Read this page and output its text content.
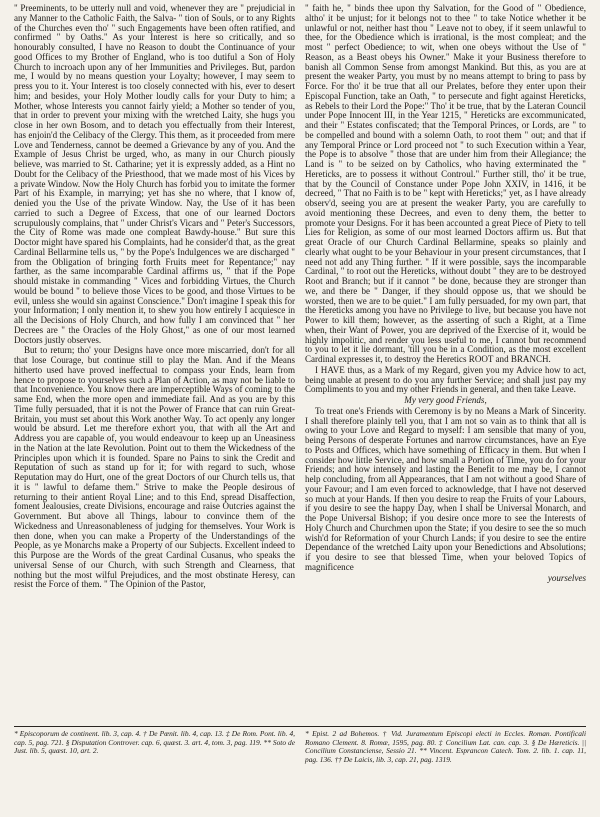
" Preeminents, to be utterly null and void, whenever they are " prejudicial in any Manner to the Catholic Faith, the Salva- " tion of Souls, or to any Rights of the Churches even tho' " such Engagements have been often ratified, and confirmed " by Oaths." As your Interest is here so critically, and so honourably consulted, I have no Reason to doubt the Continuance of your good Offices to my Brother of England, who is too dutiful a Son of Holy Church to incroach upon any of her Immunities and Privileges. But, pardon me, I would by no means question your Loyalty; however, I may seem to press you to it. Your Interest is too closely connected with his, ever to desert him; and besides, your Holy Mother loudly calls for your Duty to him; a Mother, whose Interests you cannot fairly yield; a Mother so tender of you, that in order to prevent your mixing with the wretched Laity, she hugs you close in her own Bosom, and to detach you effectually from their Interest, has enjoin'd the Celibacy of the Clergy. This them, as it proceeded from mere Love and Tenderness, cannot be deemed a Grievance by any of you. And the Example of Jesus Christ be urged, who, as many in our Church piously believe, was married to St. Catharine; yet it is expressly added, as a Hint no Doubt for the Celibacy of the Priesthood, that we made most of his Vices by a private Window. Now the Holy Church has forbid you to imitate the former Part of his Example, in marrying; yet has she no where, that I know of, denied you the Use of the private Window. Nay, the Use of it has been carried to such a Degree of Excess, that one of our learned Doctors scrupulously complains, that " under Christ's Vicars and " Peter's Successors, the City of Rome was made one compleat Bawdy-house." But sure this Doctor might have spared his Complaints, had he consider'd that, as the great Cardinal Bellarmine tells us, " by the Pope's Indulgences we are discharged " from the Obligation of bringing forth Fruits meet for Repentance;" nay farther, as the same incomparable Cardinal affirms us, " that if the Pope should mistake in commanding " Vices and forbidding Virtues, the Church would be bound " to believe those Vices to be good, and those Virtues to be evil, unless she would sin against Conscience." Don't imagine I speak this for your Information; I only mention it, to shew you how entirely I acquiesce in all the Decisions of Holy Church, and how fully I am convinced that " her Decrees are " the Oracles of the Holy Ghost," as one of our most learned Doctors justly observes.

But to return; tho' your Designs have once more miscarried, don't for all that lose Courage, but continue still to play the Man. And if the Means hitherto used have proved ineffectual to compass your Ends, learn from hence to propose to yourselves such a Plan of Action, as may not be liable to that Inconvenience. You know there are imperceptible Ways of coming to the same End, when the more open and immediate fail. And as you are by this Time fully persuaded, that it is not the Power of France that can ruin Great-Britain, you must set about this Work another Way. To act openly any longer would be absurd. Let me therefore exhort you, that with all the Art and Address you are capable of, you would endeavour to keep up an Uneasiness in the Nation at the late Revolution. Point out to them the Wickedness of the Principles upon which it is founded. Spare no Pains to sink the Credit and Reputation of such as stand up for it; for with regard to such, whose Reputation may do Hurt, one of the great Doctors of our Church tells us, that it is " lawful to defame them." Strive to make the People desirous of returning to their antient Royal Line; and to this End, spread Disaffection, foment Jealousies, create Divisions, encourage and raise Outcries against the Government. But above all Things, labour to convince them of the Wickedness and Unreasonableness of judging for themselves. Your Work is then done, when you can make a Property of the Understandings of the People, as ye Monarchs make a Property of our Subjects. Excellent indeed to this Purpose are the Words of the great Cardinal Cusanus, who speaks the universal Sense of our Church, with such Strength and Clearness, that nothing but the most wilful Prejudices, and the most obstinate Heresy, can resist the Force of them. " The Opinion of the Pastor,

" faith he, " binds thee upon thy Salvation, for the Good of " Obedience, altho' it be unjust; for it belongs not to thee " to take Notice whether it be unlawful or not, neither hast thou " Leave not to obey, if it seem unlawful to thee, for the Obedience which is irrational, is the most compleat; and the most " perfect Obedience; to wit, when one obeys without the Use of " Reason, as a Beast obeys his Owner." Make it your Business therefore to banish all Common Sense from amongst Mankind. But this, as you are at present the weaker Party, you must by no means attempt to bring to pass by Force. For tho' it be true that all our Prelates, before they enter upon their Episcopal Function, take an Oath, " to persecute and fight against Hereticks, as Rebels to their Lord the Pope:" Tho' it be true, that by the Lateran Council under Pope Innocent III, in the Year 1215, " Hereticks are excommunicated, and their " Estates confiscated; that the Temporal Princes, or Lords, are " to be compelled and bound with a solemn Oath, to root them " out; and that if any Temporal Prince or Lord proceed not " to such Execution within a Year, the Pope is to absolve " those that are under him from their Allegiance; the Land is " to be seized on by Catholics, who having exterminated the " Hereticks, are to possess it without Controul." Further still, tho' it be true, that by the Council of Constance under Pope John XXIV, in 1416, it be decreed, " That no Faith is to be " kept with Hereticks;" yet, as I have already observ'd, seeing you are at present the weaker Party, you are carefully to avoid mentioning these Decrees, and even to deny them, the better to promote your Designs. For it has been accounted a great Piece of Piety to tell Lies for Religion, as some of our most learned Doctors affirm us. But that great Oracle of our Church Cardinal Bellarmine, speaks so plainly and clearly what ought to be your Behaviour in your present circumstances, that I need not add any Thing further. " If it were possible, says the incomparable Cardinal, " to root out the Hereticks, without doubt " they are to be destroyed Root and Branch; but if it cannot " be done, because they are stronger than we, and there be " Danger, if they should oppose us, that we should be worsted, then we are to be quiet." I am fully persuaded, for my own part, that the Hereticks among you have no Privilege to live, but because you have not Power to kill them; however, as the asserting of such a Right, at a Time when, their Want of Power, you are deprived of the Exercise of it, would be highly impolitic, and render you less useful to me, I cannot but recommend to you to let it lie dormant, 'till you be in a Condition, as the most excellent Cardinal expresses it, to destroy the Heretics ROOT and BRANCH.

I HAVE thus, as a Mark of my Regard, given you my Advice how to act, being unable at present to do you any further Service; and shall just pay my Compliments to you and my other Friends in general, and then take Leave.

My very good Friends,

To treat one's Friends with Ceremony is by no Means a Mark of Sincerity. I shall therefore plainly tell you, that I am not so vain as to think that all is owing to your Love and Regard to myself: I am sensible that many of you, being Persons of desperate Fortunes and narrow circumstances, have an Eye to Posts and Offices, which have something of Efficacy in them. But when I consider how little Service, and how small a Portion of Time, you do for your Friends; and how intensely and lasting the Benefit to me may be, I cannot help concluding, from all Appearances, that I am not without a good Share of your Favour; and I am even forced to acknowledge, that I have not deserved so much at your Hands. If then you desire to reap the Fruits of your Labours, if you desire to see the happy Day, when I shall be Universal Monarch, and the Pope Universal Bishop; if you desire once more to see the Interests of Holy Church and Churchmen upon the State; if you desire to see the so much wish'd for Reformation of your Church Lands; if you desire to see the entire Dependance of the wretched Laity upon your Benedictions and Absolutions; if you desire to see that blessed Time, when your beloved Topics of magnificence

yourselves

* Episcoporum de continent. lib. 3, cap. 4. † De Pœnit. lib. 4, cap. 13. ‡ De Rom. Pont. lib. 4, cap. 5, pag. 721. § Disputation Controver. cap. 6, quæst. 3. art. 4, tom. 3, pag. 119. ** Soto de Just. lib. 5, quæst. 10, art. 2.

* Epist. 2 ad Bohemos. † Vid. Juramentum Episcopi electi in Eccles. Roman. Pontificali Romano Clement. 8. Romæ, 1595, pag. 80. ‡ Concilium Lat. can. cap. 3. § De Hæreticis. || Concilium Constanciense, Sessio 21. ** Vincent. Esprancon Catech. Tom. 2. lib. 1. cap. 11, pag. 136. †† De Laicis, lib. 3, cap. 21, pag. 1319.
